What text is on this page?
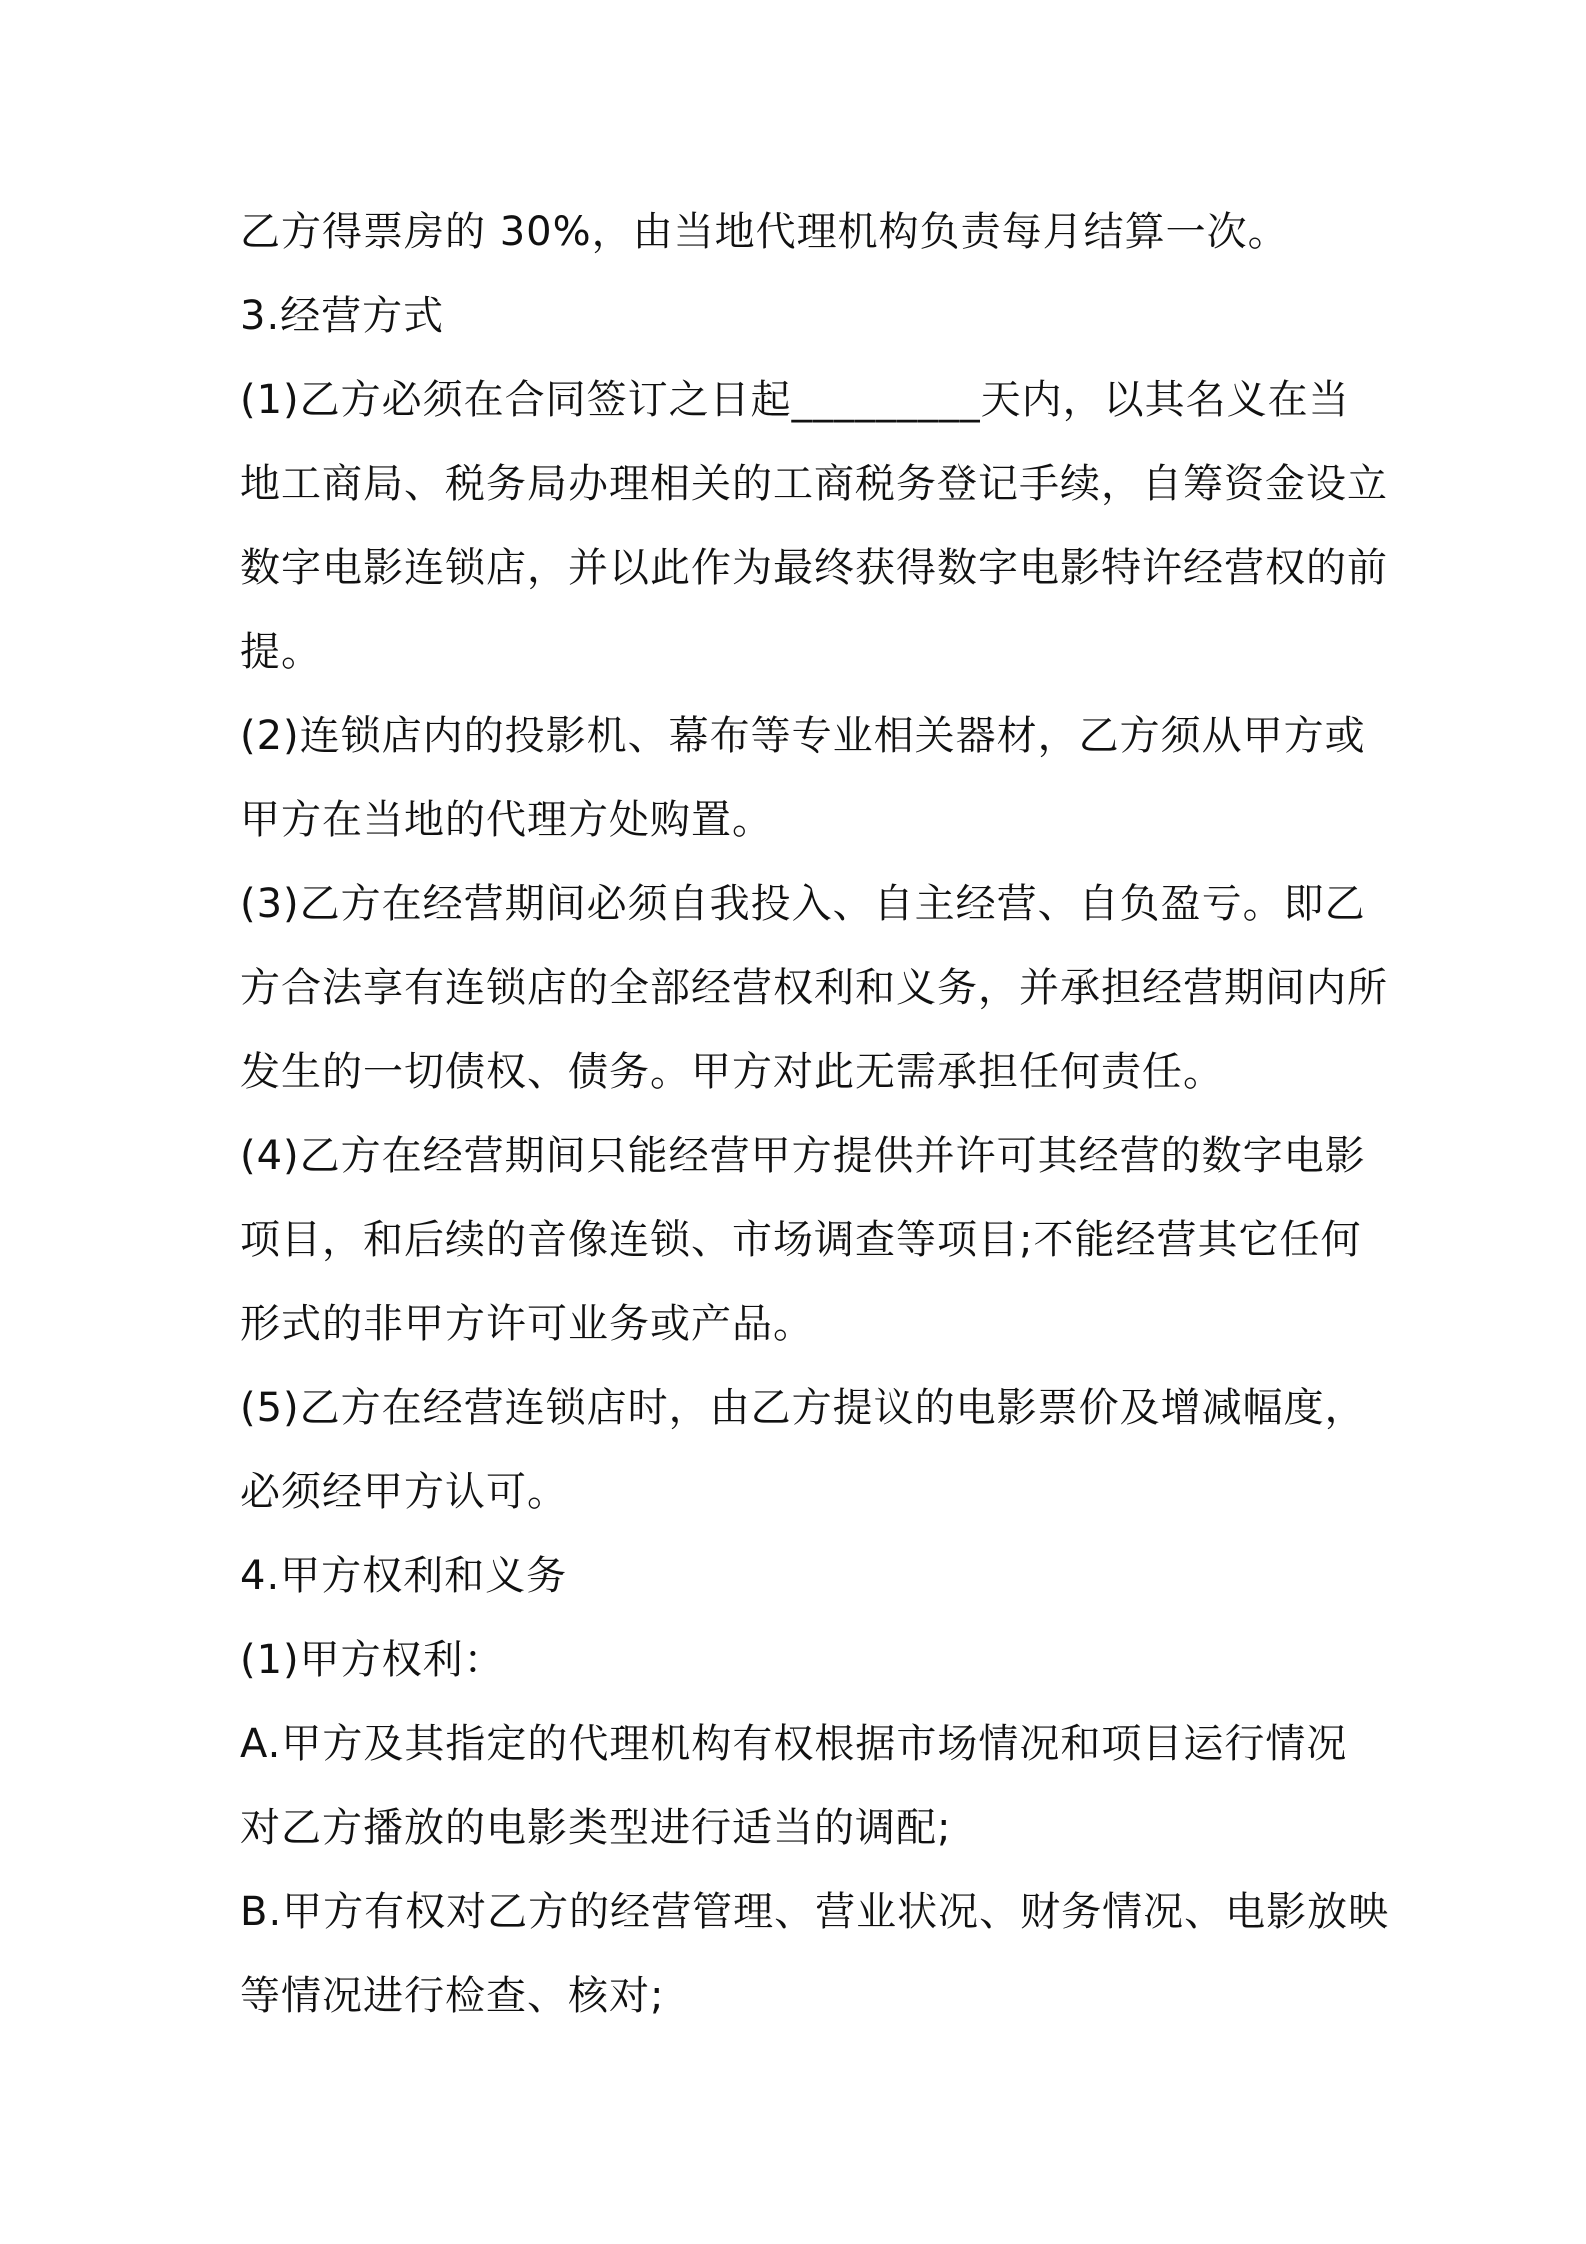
乙方得票房的 30%，由当地代理机构负责每月结算一次。
3.经营方式
(1)乙方必须在合同签订之日起_________天内，以其名义在当
地工商局、税务局办理相关的工商税务登记手续，自筹资金设立
数字电影连锁店，并以此作为最终获得数字电影特许经营权的前
提。
(2)连锁店内的投影机、幕布等专业相关器材，乙方须从甲方或
甲方在当地的代理方处购置。
(3)乙方在经营期间必须自我投入、自主经营、自负盈亏。即乙
方合法享有连锁店的全部经营权利和义务，并承担经营期间内所
发生的一切债权、债务。甲方对此无需承担任何责任。
(4)乙方在经营期间只能经营甲方提供并许可其经营的数字电影
项目，和后续的音像连锁、市场调查等项目;不能经营其它任何
形式的非甲方许可业务或产品。
(5)乙方在经营连锁店时，由乙方提议的电影票价及增减幅度，
必须经甲方认可。
4.甲方权利和义务
(1)甲方权利：
A.甲方及其指定的代理机构有权根据市场情况和项目运行情况
对乙方播放的电影类型进行适当的调配;
B.甲方有权对乙方的经营管理、营业状况、财务情况、电影放映
等情况进行检查、核对;
